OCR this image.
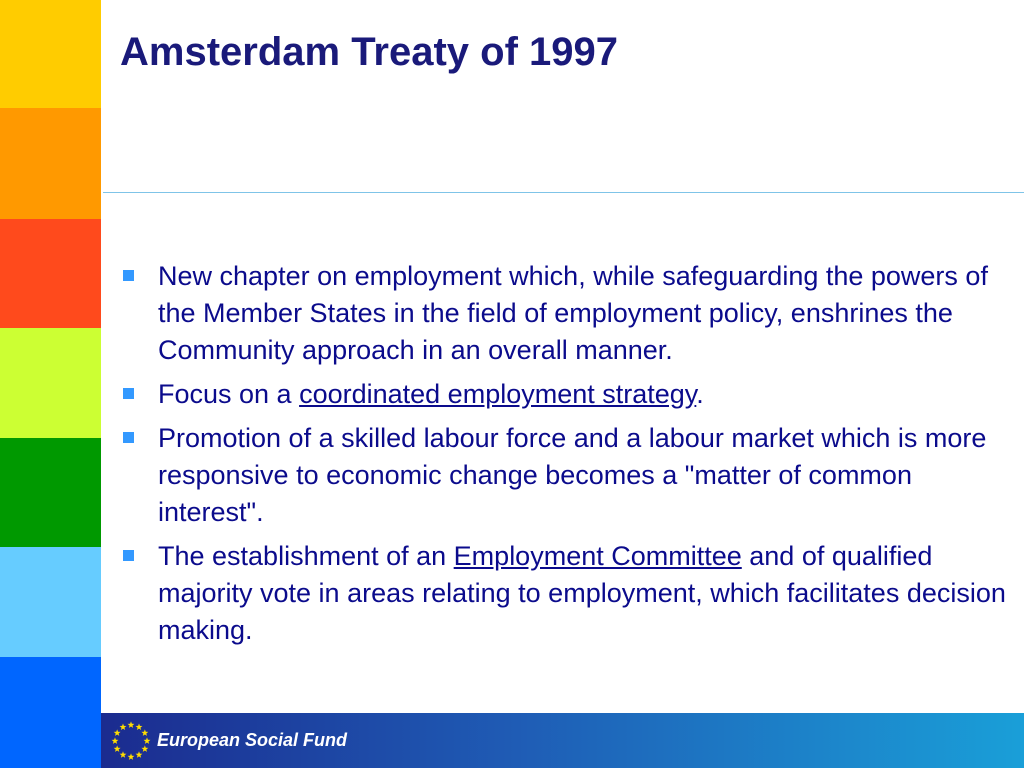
Amsterdam Treaty of 1997
New chapter on employment which, while safeguarding the powers of the Member States in the field of employment policy, enshrines the Community approach in an overall manner.
Focus on a coordinated employment strategy.
Promotion of a skilled labour force and a labour market which is more responsive to economic change becomes a "matter of common interest".
The establishment of an Employment Committee and of qualified majority vote in areas relating to employment, which facilitates decision making.
European Social Fund
